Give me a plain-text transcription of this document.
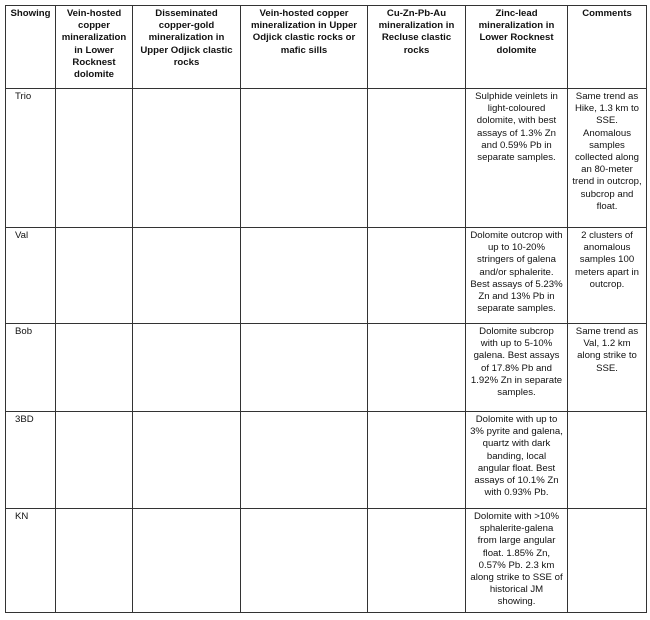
Showing	Vein-hosted copper mineralization in Lower Rocknest dolomite	Disseminated copper-gold mineralization in Upper Odjick clastic rocks	Vein-hosted copper mineralization in Upper Odjick clastic rocks or mafic sills	Cu-Zn-Pb-Au mineralization in Recluse clastic rocks	Zinc-lead mineralization in Lower Rocknest dolomite	Comments
Trio					Sulphide veinlets in light-coloured dolomite, with best assays of 1.3% Zn and 0.59% Pb in separate samples.	Same trend as Hike, 1.3 km to SSE. Anomalous samples collected along an 80-meter trend in outcrop, subcrop and float.
Val					Dolomite outcrop with up to 10-20% stringers of galena and/or sphalerite. Best assays of 5.23% Zn and 13% Pb in separate samples.	2 clusters of anomalous samples 100 meters apart in outcrop.
Bob					Dolomite subcrop with up to 5-10% galena. Best assays of 17.8% Pb and 1.92% Zn in separate samples.	Same trend as Val, 1.2 km along strike to SSE.
3BD					Dolomite with up to 3% pyrite and galena, quartz with dark banding, local angular float. Best assays of 10.1% Zn with 0.93% Pb.	
KN					Dolomite with >10% sphalerite-galena from large angular float. 1.85% Zn, 0.57% Pb. 2.3 km along strike to SSE of historical JM showing.	
